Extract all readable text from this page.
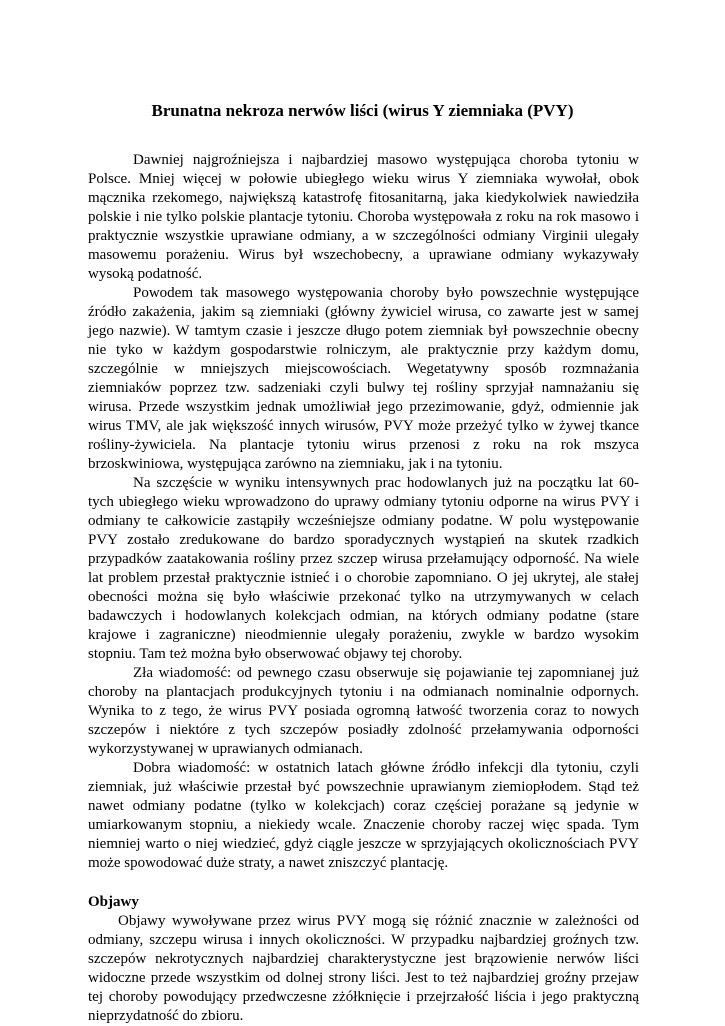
Brunatna nekroza nerwów liści (wirus Y ziemniaka (PVY)

Dawniej najgroźniejsza i najbardziej masowo występująca choroba tytoniu w Polsce. Mniej więcej w połowie ubiegłego wieku wirus Y ziemniaka wywołał, obok mącznika rzekomego, największą katastrofę fitosanitarną, jaka kiedykolwiek nawiedziła polskie i nie tylko polskie plantacje tytoniu. Choroba występowała z roku na rok masowo i praktycznie wszystkie uprawiane odmiany, a w szczególności odmiany Virginii ulegały masowemu porażeniu. Wirus był wszechobecny, a uprawiane odmiany wykazywały wysoką podatność.

Powodem tak masowego występowania choroby było powszechnie występujące źródło zakażenia, jakim są ziemniaki (główny żywiciel wirusa, co zawarte jest w samej jego nazwie). W tamtym czasie i jeszcze długo potem ziemniak był powszechnie obecny nie tyko w każdym gospodarstwie rolniczym, ale praktycznie przy każdym domu, szczególnie w mniejszych miejscowościach. Wegetatywny sposób rozmnażania ziemniaków poprzez tzw. sadzeniaki czyli bulwy tej rośliny sprzyjał namnażaniu się wirusa. Przede wszystkim jednak umożliwiał jego przezimowanie, gdyż, odmiennie jak wirus TMV, ale jak większość innych wirusów, PVY może przeżyć tylko w żywej tkance rośliny-żywiciela. Na plantacje tytoniu wirus przenosi z roku na rok mszyca brzoskwiniowa, występująca zarówno na ziemniaku, jak i na tytoniu.

Na szczęście w wyniku intensywnych prac hodowlanych już na początku lat 60-tych ubiegłego wieku wprowadzono do uprawy odmiany tytoniu odporne na wirus PVY i odmiany te całkowicie zastąpiły wcześniejsze odmiany podatne. W polu występowanie PVY zostało zredukowane do bardzo sporadycznych wystąpień na skutek rzadkich przypadków zaatakowania rośliny przez szczep wirusa przełamujący odporność. Na wiele lat problem przestał praktycznie istnieć i o chorobie zapomniano. O jej ukrytej, ale stałej obecności można się było właściwie przekonać tylko na utrzymywanych w celach badawczych i hodowlanych kolekcjach odmian, na których odmiany podatne (stare krajowe i zagraniczne) nieodmiennie ulegały porażeniu, zwykle w bardzo wysokim stopniu. Tam też można było obserwować objawy tej choroby.

Zła wiadomość: od pewnego czasu obserwuje się pojawianie tej zapomnianej już choroby na plantacjach produkcyjnych tytoniu i na odmianach nominalnie odpornych. Wynika to z tego, że wirus PVY posiada ogromną łatwość tworzenia coraz to nowych szczepów i niektóre z tych szczepów posiadły zdolność przełamywania odporności wykorzystywanej w uprawianych odmianach.

Dobra wiadomość: w ostatnich latach główne źródło infekcji dla tytoniu, czyli ziemniak, już właściwie przestał być powszechnie uprawianym ziemiopłodem. Stąd też nawet odmiany podatne (tylko w kolekcjach) coraz częściej porażane są jedynie w umiarkowanym stopniu, a niekiedy wcale. Znaczenie choroby raczej więc spada. Tym niemniej warto o niej wiedzieć, gdyż ciągle jeszcze w sprzyjających okolicznościach PVY może spowodować duże straty, a nawet zniszczyć plantację.

Objawy

Objawy wywoływane przez wirus PVY mogą się różnić znacznie w zależności od odmiany, szczepu wirusa i innych okoliczności. W przypadku najbardziej groźnych tzw. szczepów nekrotycznych najbardziej charakterystyczne jest brązowienie nerwów liści widoczne przede wszystkim od dolnej strony liści. Jest to też najbardziej groźny przejaw tej choroby powodujący przedwczesne zżółknięcie i przejrzałość liścia i jego praktyczną nieprzydatność do zbioru.
